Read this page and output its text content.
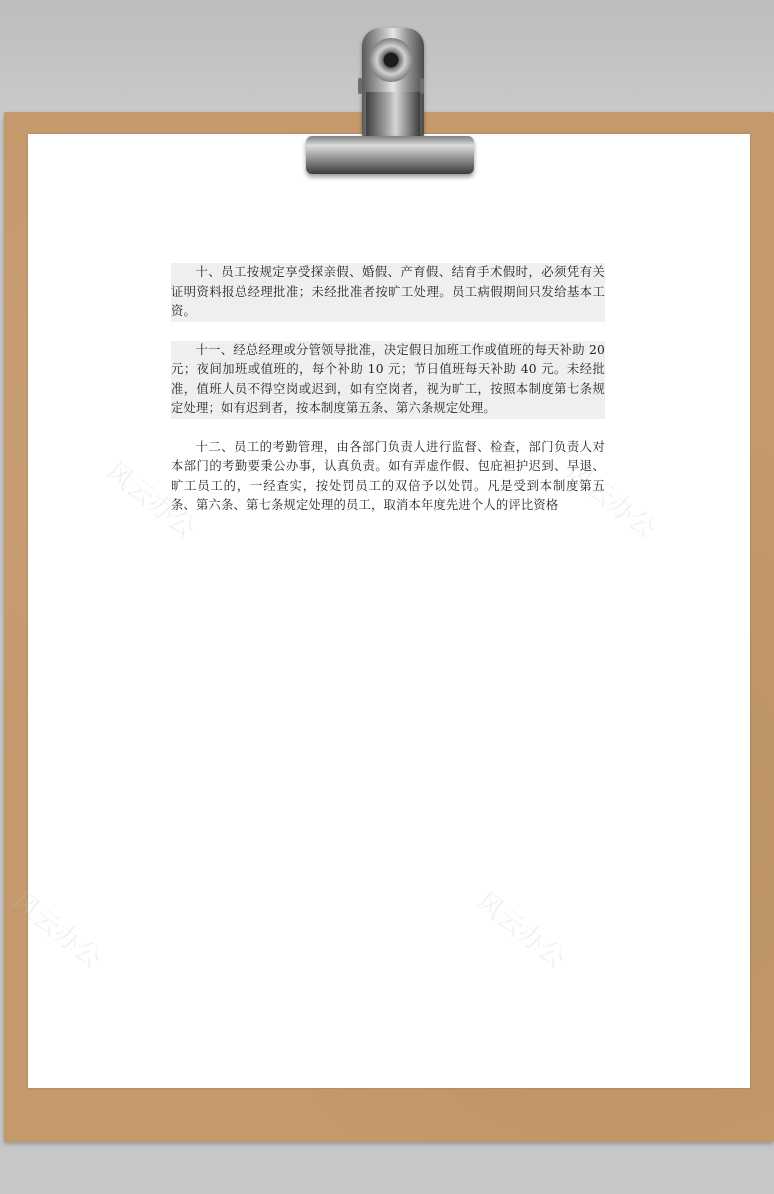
风云办公	风云办公
风云办公	风云办公

十、员工按规定享受探亲假、婚假、产育假、结育手术假时，必须凭有关证明资料报总经理批准；未经批准者按旷工处理。员工病假期间只发给基本工资。

十一、经总经理或分管领导批准，决定假日加班工作或值班的每天补助 20 元；夜间加班或值班的，每个补助 10 元；节日值班每天补助 40 元。未经批准，值班人员不得空岗或迟到，如有空岗者，视为旷工，按照本制度第七条规定处理；如有迟到者，按本制度第五条、第六条规定处理。

十二、员工的考勤管理，由各部门负责人进行监督、检查，部门负责人对本部门的考勤要秉公办事，认真负责。如有弄虚作假、包庇袒护迟到、早退、旷工员工的，一经查实，按处罚员工的双倍予以处罚。凡是受到本制度第五条、第六条、第七条规定处理的员工，取消本年度先进个人的评比资格
